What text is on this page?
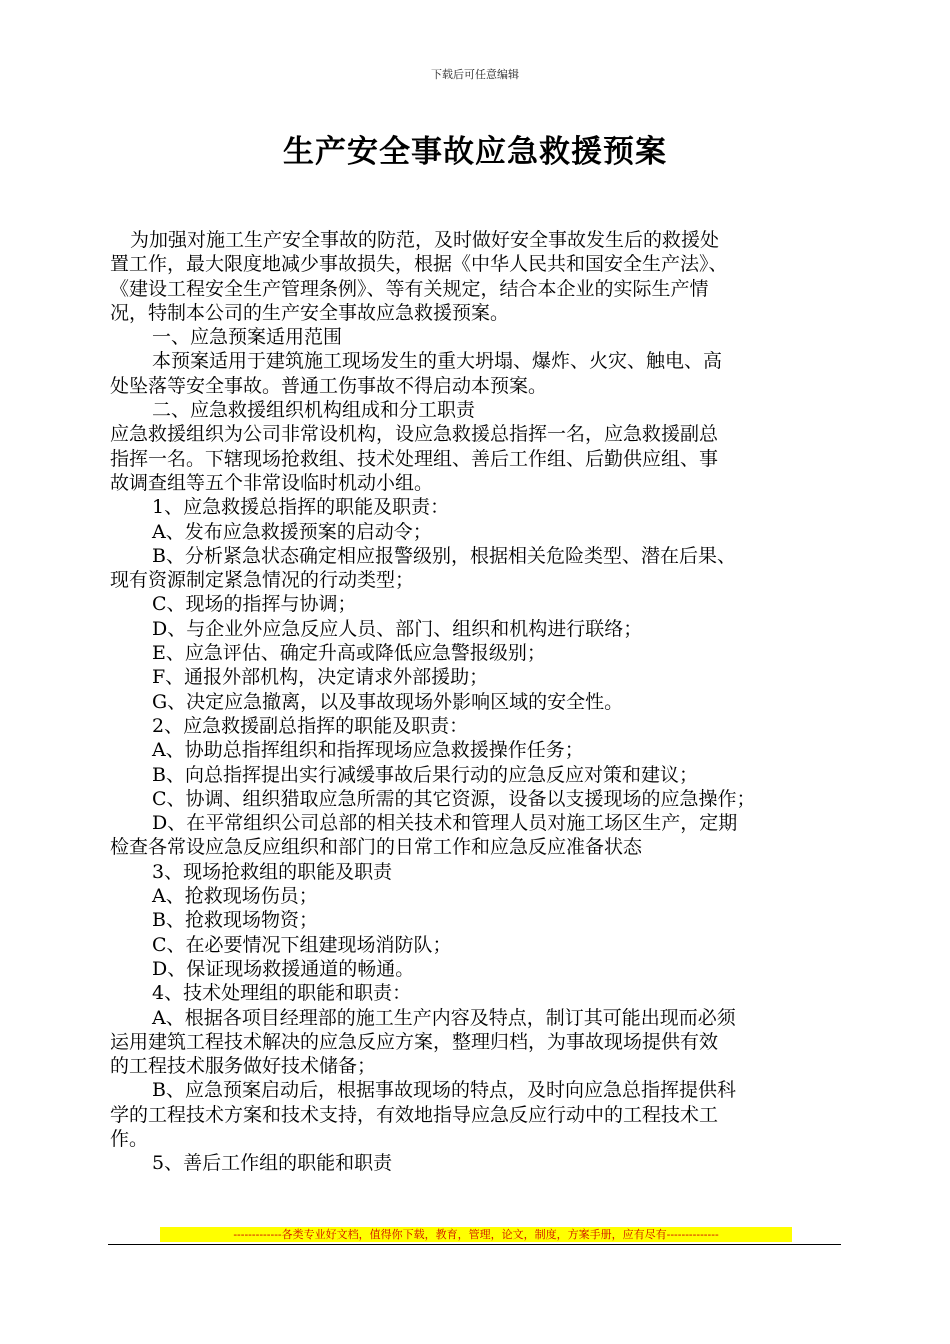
下载后可任意编辑
生产安全事故应急救援预案

为加强对施工生产安全事故的防范，及时做好安全事故发生后的救援处

置工作，最大限度地减少事故损失，根据《中华人民共和国安全生产法》、

《建设工程安全生产管理条例》、等有关规定，结合本企业的实际生产情

况，特制本公司的生产安全事故应急救援预案。

一、应急预案适用范围

本预案适用于建筑施工现场发生的重大坍塌、爆炸、火灾、触电、高

处坠落等安全事故。普通工伤事故不得启动本预案。

二、应急救援组织机构组成和分工职责

应急救援组织为公司非常设机构，设应急救援总指挥一名，应急救援副总

指挥一名。下辖现场抢救组、技术处理组、善后工作组、后勤供应组、事

故调查组等五个非常设临时机动小组。

1、应急救援总指挥的职能及职责：

A、发布应急救援预案的启动令；

B、分析紧急状态确定相应报警级别，根据相关危险类型、潜在后果、

现有资源制定紧急情况的行动类型；

C、现场的指挥与协调；

D、与企业外应急反应人员、部门、组织和机构进行联络；

E、应急评估、确定升高或降低应急警报级别；

F、通报外部机构，决定请求外部援助；

G、决定应急撤离，以及事故现场外影响区域的安全性。

2、应急救援副总指挥的职能及职责：

A、协助总指挥组织和指挥现场应急救援操作任务；

B、向总指挥提出实行减缓事故后果行动的应急反应对策和建议；

C、协调、组织猎取应急所需的其它资源，设备以支援现场的应急操作；

D、在平常组织公司总部的相关技术和管理人员对施工场区生产，定期

检查各常设应急反应组织和部门的日常工作和应急反应准备状态

3、现场抢救组的职能及职责

A、抢救现场伤员；

B、抢救现场物资；

C、在必要情况下组建现场消防队；

D、保证现场救援通道的畅通。

4、技术处理组的职能和职责：

A、根据各项目经理部的施工生产内容及特点，制订其可能出现而必须

运用建筑工程技术解决的应急反应方案，整理归档，为事故现场提供有效

的工程技术服务做好技术储备；

B、应急预案启动后，根据事故现场的特点，及时向应急总指挥提供科

学的工程技术方案和技术支持，有效地指导应急反应行动中的工程技术工

作。

5、善后工作组的职能和职责

-------------各类专业好文档，值得你下载，教育，管理，论文，制度，方案手册，应有尽有--------------
